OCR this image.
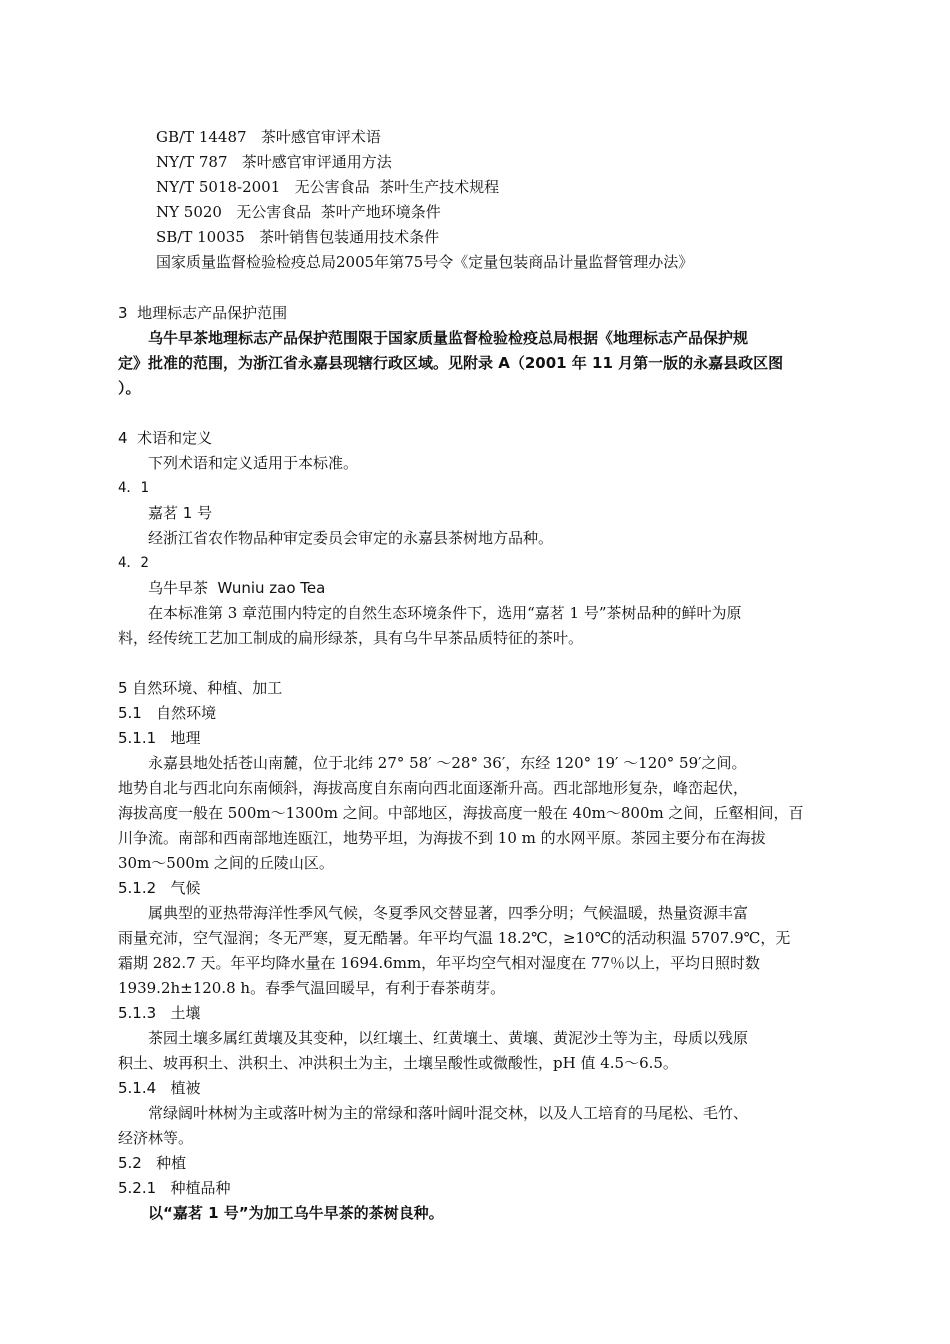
GB/T 14487   茶叶感官审评术语
NY/T 787   茶叶感官审评通用方法
NY/T 5018-2001   无公害食品  茶叶生产技术规程
NY 5020   无公害食品  茶叶产地环境条件
SB/T 10035   茶叶销售包装通用技术条件
国家质量监督检验检疫总局2005年第75号令《定量包装商品计量监督管理办法》
3  地理标志产品保护范围
乌牛早茶地理标志产品保护范围限于国家质量监督检验检疫总局根据《地理标志产品保护规
定》批准的范围，为浙江省永嘉县现辖行政区域。见附录 A（2001 年 11 月第一版的永嘉县政区图
）。
4  术语和定义
下列术语和定义适用于本标准。
4．1
嘉茗 1 号
经浙江省农作物品种审定委员会审定的永嘉县茶树地方品种。
4．2
乌牛早茶  Wuniu zao Tea
在本标准第 3 章范围内特定的自然生态环境条件下，选用“嘉茗 1 号”茶树品种的鲜叶为原
料，经传统工艺加工制成的扁形绿茶，具有乌牛早茶品质特征的茶叶。
5 自然环境、种植、加工
5.1   自然环境
5.1.1   地理
永嘉县地处括苍山南麓，位于北纬 27° 58′ ～28° 36′，东经 120° 19′ ～120° 59′之间。
地势自北与西北向东南倾斜，海拔高度自东南向西北面逐渐升高。西北部地形复杂，峰峦起伏，
海拔高度一般在 500m～1300m 之间。中部地区，海拔高度一般在 40m～800m 之间，丘壑相间，百
川争流。南部和西南部地连瓯江，地势平坦，为海拔不到 10 m 的水网平原。茶园主要分布在海拔
30m～500m 之间的丘陵山区。
5.1.2   气候
属典型的亚热带海洋性季风气候，冬夏季风交替显著，四季分明；气候温暖，热量资源丰富
雨量充沛，空气湿润；冬无严寒，夏无酷暑。年平均气温 18.2℃，≥10℃的活动积温 5707.9℃，无
霜期 282.7 天。年平均降水量在 1694.6mm，年平均空气相对湿度在 77％以上，平均日照时数
1939.2h±120.8 h。春季气温回暖早，有利于春茶萌芽。
5.1.3   土壤
茶园土壤多属红黄壤及其变种，以红壤土、红黄壤土、黄壤、黄泥沙土等为主，母质以残原
积土、坡再积土、洪积土、冲洪积土为主，土壤呈酸性或微酸性，pH 值 4.5～6.5。
5.1.4   植被
常绿阔叶林树为主或落叶树为主的常绿和落叶阔叶混交林，以及人工培育的马尾松、毛竹、
经济林等。
5.2   种植
5.2.1   种植品种
以“嘉茗 1 号”为加工乌牛早茶的茶树良种。
